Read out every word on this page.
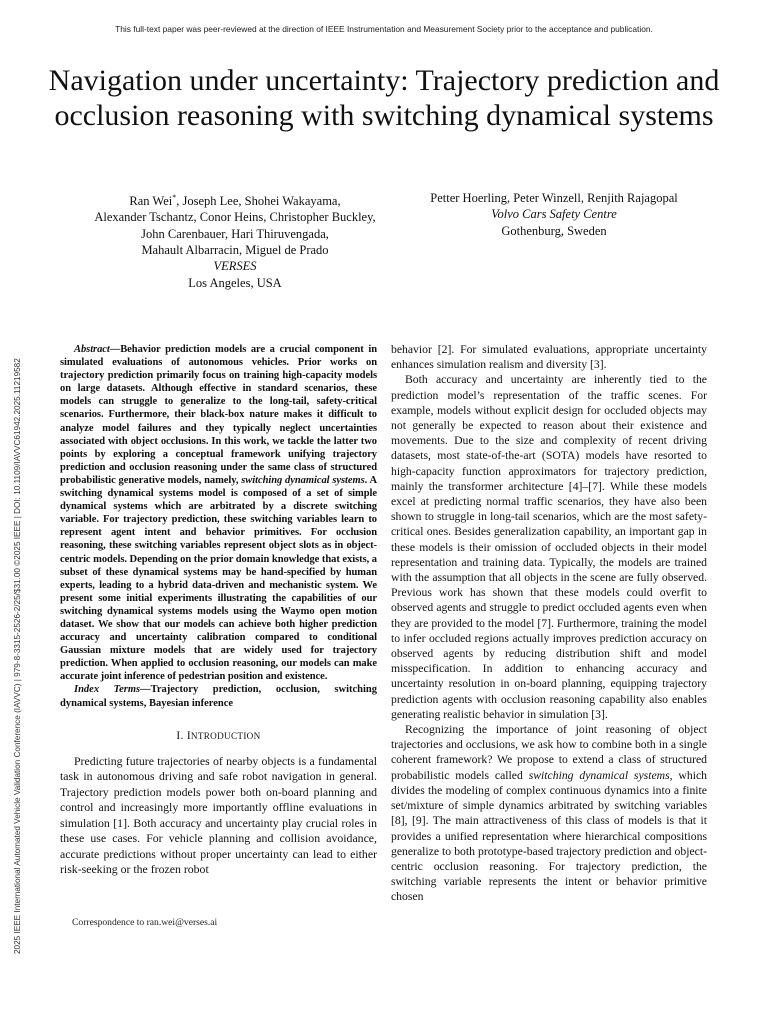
This full-text paper was peer-reviewed at the direction of IEEE Instrumentation and Measurement Society prior to the acceptance and publication.
Navigation under uncertainty: Trajectory prediction and occlusion reasoning with switching dynamical systems
Ran Wei*, Joseph Lee, Shohei Wakayama,
Alexander Tschantz, Conor Heins, Christopher Buckley,
John Carenbauer, Hari Thiruvengada,
Mahault Albarracin, Miguel de Prado
VERSES
Los Angeles, USA
Petter Hoerling, Peter Winzell, Renjith Rajagopal
Volvo Cars Safety Centre
Gothenburg, Sweden
2025 IEEE International Automated Vehicle Validation Conference (IAVVC) | 979-8-3315-2526-2/25/$31.00 ©2025 IEEE | DOI: 10.1109/IAVVC61942.2025.11219582

Abstract—Behavior prediction models are a crucial component in simulated evaluations of autonomous vehicles. Prior works on trajectory prediction primarily focus on training high-capacity models on large datasets. Although effective in standard scenarios, these models can struggle to generalize to the long-tail, safety-critical scenarios. Furthermore, their black-box nature makes it difficult to analyze model failures and they typically neglect uncertainties associated with object occlusions. In this work, we tackle the latter two points by exploring a conceptual framework unifying trajectory prediction and occlusion reasoning under the same class of structured probabilistic generative models, namely, switching dynamical systems. A switching dynamical systems model is composed of a set of simple dynamical systems which are arbitrated by a discrete switching variable. For trajectory prediction, these switching variables learn to represent agent intent and behavior primitives. For occlusion reasoning, these switching variables represent object slots as in object-centric models. Depending on the prior domain knowledge that exists, a subset of these dynamical systems may be hand-specified by human experts, leading to a hybrid data-driven and mechanistic system. We present some initial experiments illustrating the capabilities of our switching dynamical systems models using the Waymo open motion dataset. We show that our models can achieve both higher prediction accuracy and uncertainty calibration compared to conditional Gaussian mixture models that are widely used for trajectory prediction. When applied to occlusion reasoning, our models can make accurate joint inference of pedestrian position and existence.

Index Terms—Trajectory prediction, occlusion, switching dynamical systems, Bayesian inference

I. INTRODUCTION

Predicting future trajectories of nearby objects is a fundamental task in autonomous driving and safe robot navigation in general. Trajectory prediction models power both on-board planning and control and increasingly more importantly offline evaluations in simulation [1]. Both accuracy and uncertainty play crucial roles in these use cases. For vehicle planning and collision avoidance, accurate predictions without proper uncertainty can lead to either risk-seeking or the frozen robot

Correspondence to ran.wei@verses.ai

behavior [2]. For simulated evaluations, appropriate uncertainty enhances simulation realism and diversity [3].

Both accuracy and uncertainty are inherently tied to the prediction model’s representation of the traffic scenes. For example, models without explicit design for occluded objects may not generally be expected to reason about their existence and movements. Due to the size and complexity of recent driving datasets, most state-of-the-art (SOTA) models have resorted to high-capacity function approximators for trajectory prediction, mainly the transformer architecture [4]–[7]. While these models excel at predicting normal traffic scenarios, they have also been shown to struggle in long-tail scenarios, which are the most safety-critical ones. Besides generalization capability, an important gap in these models is their omission of occluded objects in their model representation and training data. Typically, the models are trained with the assumption that all objects in the scene are fully observed. Previous work has shown that these models could overfit to observed agents and struggle to predict occluded agents even when they are provided to the model [7]. Furthermore, training the model to infer occluded regions actually improves prediction accuracy on observed agents by reducing distribution shift and model misspecification. In addition to enhancing accuracy and uncertainty resolution in on-board planning, equipping trajectory prediction agents with occlusion reasoning capability also enables generating realistic behavior in simulation [3].

Recognizing the importance of joint reasoning of object trajectories and occlusions, we ask how to combine both in a single coherent framework? We propose to extend a class of structured probabilistic models called switching dynamical systems, which divides the modeling of complex continuous dynamics into a finite set/mixture of simple dynamics arbitrated by switching variables [8], [9]. The main attractiveness of this class of models is that it provides a unified representation where hierarchical compositions generalize to both prototype-based trajectory prediction and object-centric occlusion reasoning. For trajectory prediction, the switching variable represents the intent or behavior primitive chosen
